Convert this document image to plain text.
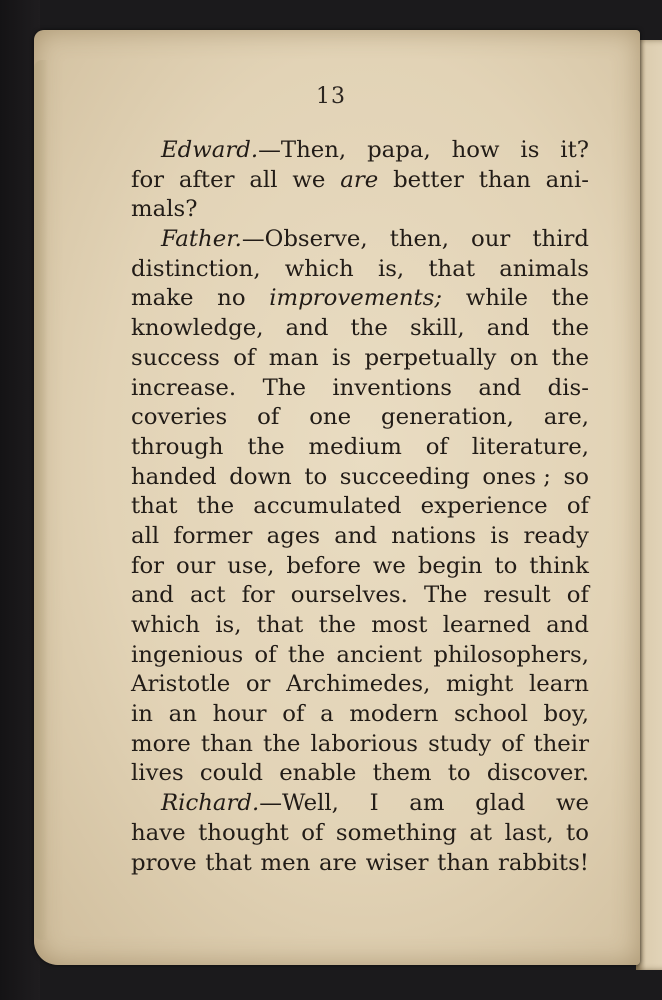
13
Edward.—Then, papa, how is it?
for after all we are better than ani-
mals?
Father.—Observe, then, our third
distinction, which is, that animals
make no improvements; while the
knowledge, and the skill, and the
success of man is perpetually on the
increase. The inventions and dis-
coveries of one generation, are,
through the medium of literature,
handed down to succeeding ones ; so
that the accumulated experience of
all former ages and nations is ready
for our use, before we begin to think
and act for ourselves. The result of
which is, that the most learned and
ingenious of the ancient philosophers,
Aristotle or Archimedes, might learn
in an hour of a modern school boy,
more than the laborious study of their
lives could enable them to discover.
Richard.—Well, I am glad we
have thought of something at last, to
prove that men are wiser than rabbits!
